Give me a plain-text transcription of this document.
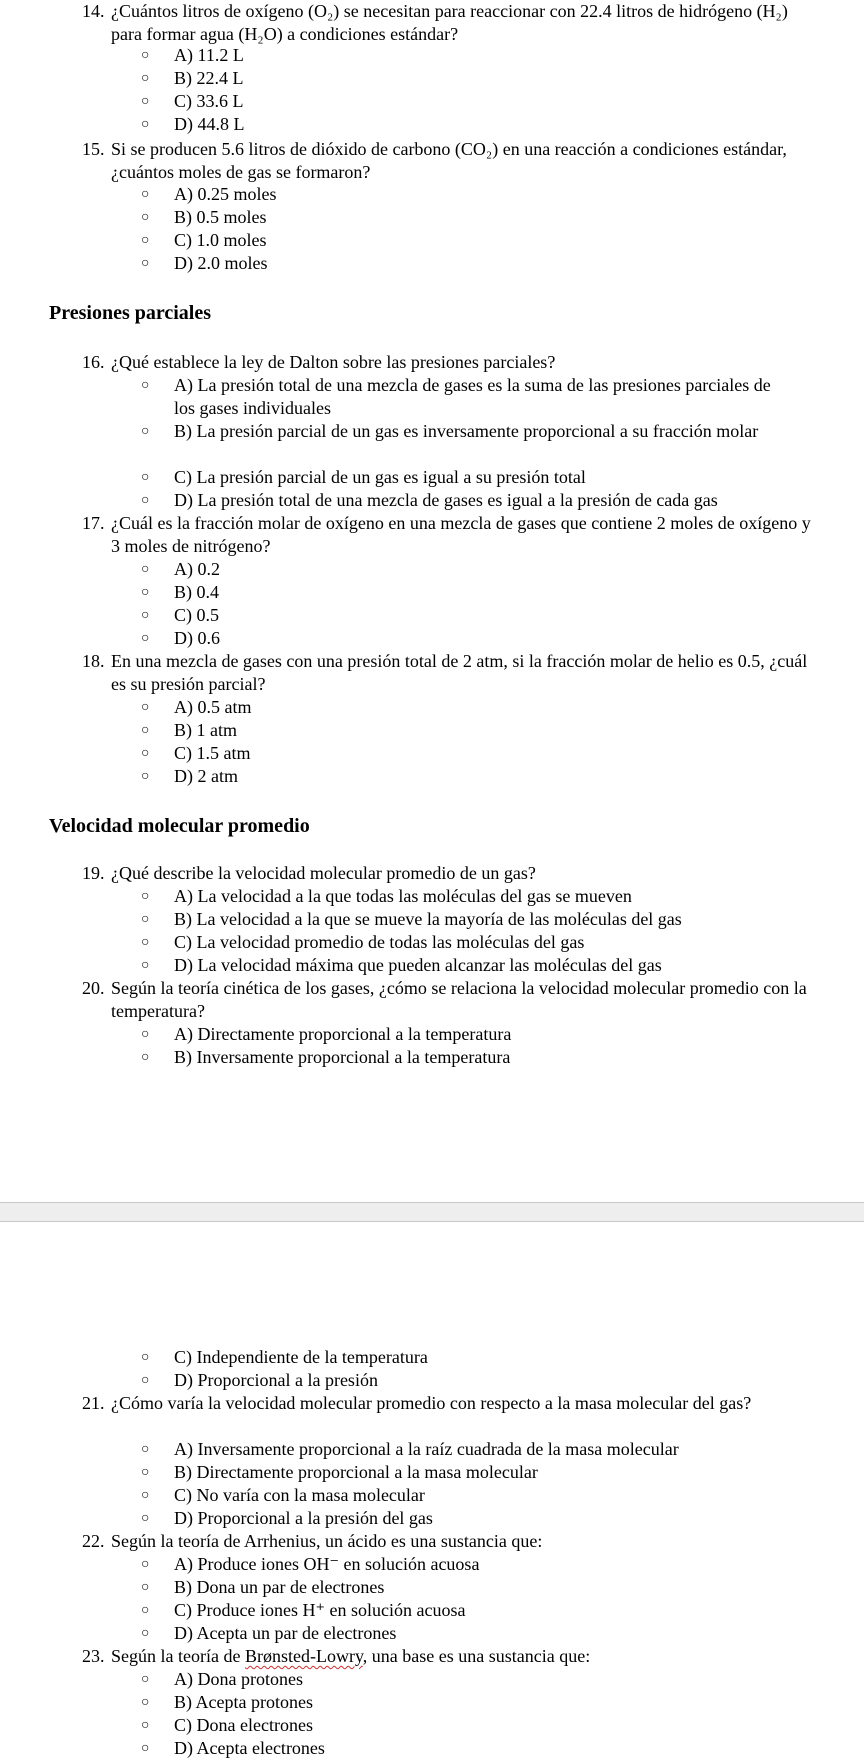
14. ¿Cuántos litros de oxígeno (O₂) se necesitan para reaccionar con 22.4 litros de hidrógeno (H₂) para formar agua (H₂O) a condiciones estándar?
○	A) 11.2 L
○	B) 22.4 L
○	C) 33.6 L
○	D) 44.8 L
15. Si se producen 5.6 litros de dióxido de carbono (CO₂) en una reacción a condiciones estándar, ¿cuántos moles de gas se formaron?
○	A) 0.25 moles
○	B) 0.5 moles
○	C) 1.0 moles
○	D) 2.0 moles
Presiones parciales
16. ¿Qué establece la ley de Dalton sobre las presiones parciales?
○	A) La presión total de una mezcla de gases es la suma de las presiones parciales de los gases individuales
○	B) La presión parcial de un gas es inversamente proporcional a su fracción molar
○	C) La presión parcial de un gas es igual a su presión total
○	D) La presión total de una mezcla de gases es igual a la presión de cada gas
17. ¿Cuál es la fracción molar de oxígeno en una mezcla de gases que contiene 2 moles de oxígeno y 3 moles de nitrógeno?
○	A) 0.2
○	B) 0.4
○	C) 0.5
○	D) 0.6
18. En una mezcla de gases con una presión total de 2 atm, si la fracción molar de helio es 0.5, ¿cuál es su presión parcial?
○	A) 0.5 atm
○	B) 1 atm
○	C) 1.5 atm
○	D) 2 atm
Velocidad molecular promedio
19. ¿Qué describe la velocidad molecular promedio de un gas?
○	A) La velocidad a la que todas las moléculas del gas se mueven
○	B) La velocidad a la que se mueve la mayoría de las moléculas del gas
○	C) La velocidad promedio de todas las moléculas del gas
○	D) La velocidad máxima que pueden alcanzar las moléculas del gas
20. Según la teoría cinética de los gases, ¿cómo se relaciona la velocidad molecular promedio con la temperatura?
○	A) Directamente proporcional a la temperatura
○	B) Inversamente proporcional a la temperatura
○	C) Independiente de la temperatura
○	D) Proporcional a la presión
21. ¿Cómo varía la velocidad molecular promedio con respecto a la masa molecular del gas?
○	A) Inversamente proporcional a la raíz cuadrada de la masa molecular
○	B) Directamente proporcional a la masa molecular
○	C) No varía con la masa molecular
○	D) Proporcional a la presión del gas
22. Según la teoría de Arrhenius, un ácido es una sustancia que:
○	A) Produce iones OH⁻ en solución acuosa
○	B) Dona un par de electrones
○	C) Produce iones H⁺ en solución acuosa
○	D) Acepta un par de electrones
23. Según la teoría de Brønsted-Lowry, una base es una sustancia que:
○	A) Dona protones
○	B) Acepta protones
○	C) Dona electrones
○	D) Acepta electrones
